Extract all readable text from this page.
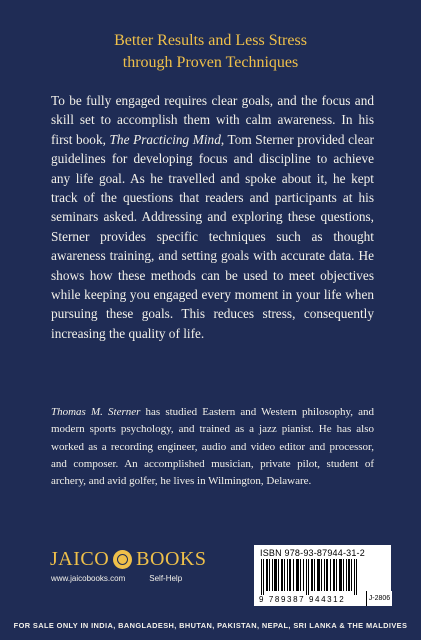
Better Results and Less Stress
through Proven Techniques

To be fully engaged requires clear goals, and the focus and skill set to accomplish them with calm awareness. In his first book, The Practicing Mind, Tom Sterner provided clear guidelines for developing focus and discipline to achieve any life goal. As he travelled and spoke about it, he kept track of the questions that readers and participants at his seminars asked. Addressing and exploring these questions, Sterner provides specific techniques such as thought awareness training, and setting goals with accurate data. He shows how these methods can be used to meet objectives while keeping you engaged every moment in your life when pursuing these goals. This reduces stress, consequently increasing the quality of life.

Thomas M. Sterner has studied Eastern and Western philosophy, and modern sports psychology, and trained as a jazz pianist. He has also worked as a recording engineer, audio and video editor and processor, and composer. An accomplished musician, private pilot, student of archery, and avid golfer, he lives in Wilmington, Delaware.

JAICO BOOKS
www.jaicobooks.com	Self-Help
ISBN 978-93-87944-31-2
9 789387 944312	J-2806
FOR SALE ONLY IN INDIA, BANGLADESH, BHUTAN, PAKISTAN, NEPAL, SRI LANKA & THE MALDIVES
